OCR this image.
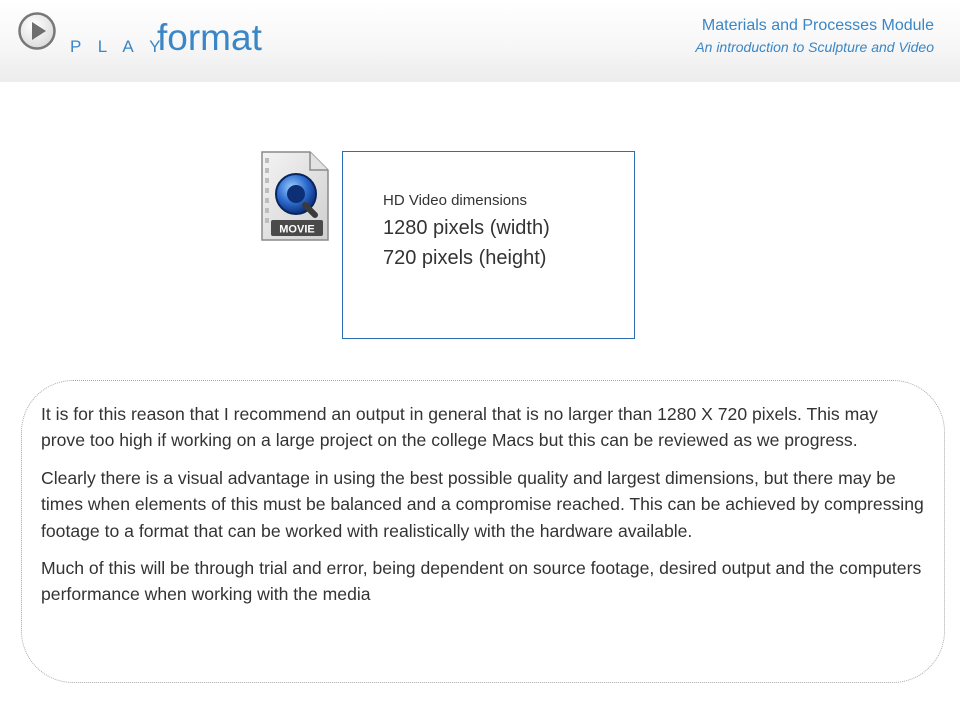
P L A Y
format	Materials and Processes Module
An introduction to Sculpture and Video
MOVIE
HD Video dimensions
1280 pixels (width)
720 pixels (height)

It is for this reason that I recommend an output in general that is no larger than 1280 X 720 pixels. This may prove too high if working on a large project on the college Macs but this can be reviewed as we progress.

Clearly there is a visual advantage in using the best possible quality and largest dimensions, but there may be times when elements of this must be balanced and a compromise reached. This can be achieved by compressing footage to a format that can be worked with realistically with the hardware available.

Much of this will be through trial and error, being dependent on source footage, desired output and the computers performance when working with the media
